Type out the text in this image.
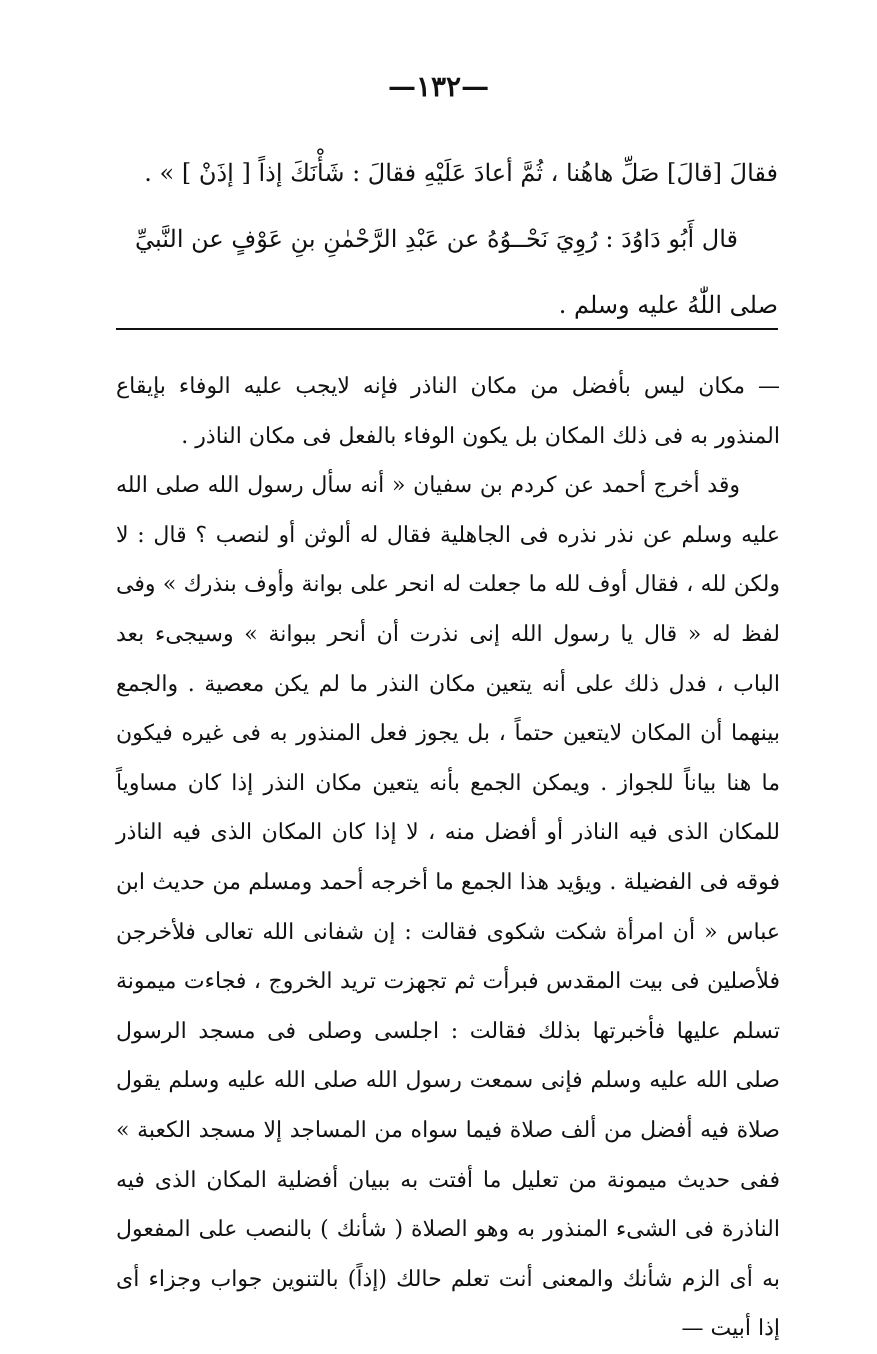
—١٣٢—

فقالَ [قالَ] صَلِّ هاهُنا ، ثُمَّ أعادَ عَلَيْهِ فقالَ : شَأْنَكَ إذاً [ إذَنْ ] » .

قال أَبُو دَاوُدَ : رُوِيَ نَحْــوُهُ عن عَبْدِ الرَّحْمٰنِ بنِ عَوْفٍ عن النَّبيِّ

صلى اللّٰهُ عليه وسلم .

— مكان ليس بأفضل من مكان الناذر فإنه لايجب عليه الوفاء بإيقاع المنذور به فى ذلك المكان بل يكون الوفاء بالفعل فى مكان الناذر .

وقد أخرج أحمد عن كردم بن سفيان « أنه سأل رسول الله صلى الله عليه وسلم عن نذر نذره فى الجاهلية فقال له ألوثن أو لنصب ؟ قال : لا ولكن لله ، فقال أوف لله ما جعلت له انحر على بوانة وأوف بنذرك » وفى لفظ له « قال يا رسول الله إنى نذرت أن أنحر ببوانة » وسيجىء بعد الباب ، فدل ذلك على أنه يتعين مكان النذر ما لم يكن معصية . والجمع بينهما أن المكان لايتعين حتماً ، بل يجوز فعل المنذور به فى غيره فيكون ما هنا بياناً للجواز . ويمكن الجمع بأنه يتعين مكان النذر إذا كان مساوياً للمكان الذى فيه الناذر أو أفضل منه ، لا إذا كان المكان الذى فيه الناذر فوقه فى الفضيلة . ويؤيد هذا الجمع ما أخرجه أحمد ومسلم من حديث ابن عباس « أن امرأة شكت شكوى فقالت : إن شفانى الله تعالى فلأخرجن فلأصلين فى بيت المقدس فبرأت ثم تجهزت تريد الخروج ، فجاءت ميمونة تسلم عليها فأخبرتها بذلك فقالت : اجلسى وصلى فى مسجد الرسول صلى الله عليه وسلم فإنى سمعت رسول الله صلى الله عليه وسلم يقول صلاة فيه أفضل من ألف صلاة فيما سواه من المساجد إلا مسجد الكعبة » ففى حديث ميمونة من تعليل ما أفتت به ببيان أفضلية المكان الذى فيه الناذرة فى الشىء المنذور به وهو الصلاة ( شأنك ) بالنصب على المفعول به أى الزم شأنك والمعنى أنت تعلم حالك (إذاً) بالتنوين جواب وجزاء أى إذا أبيت —
